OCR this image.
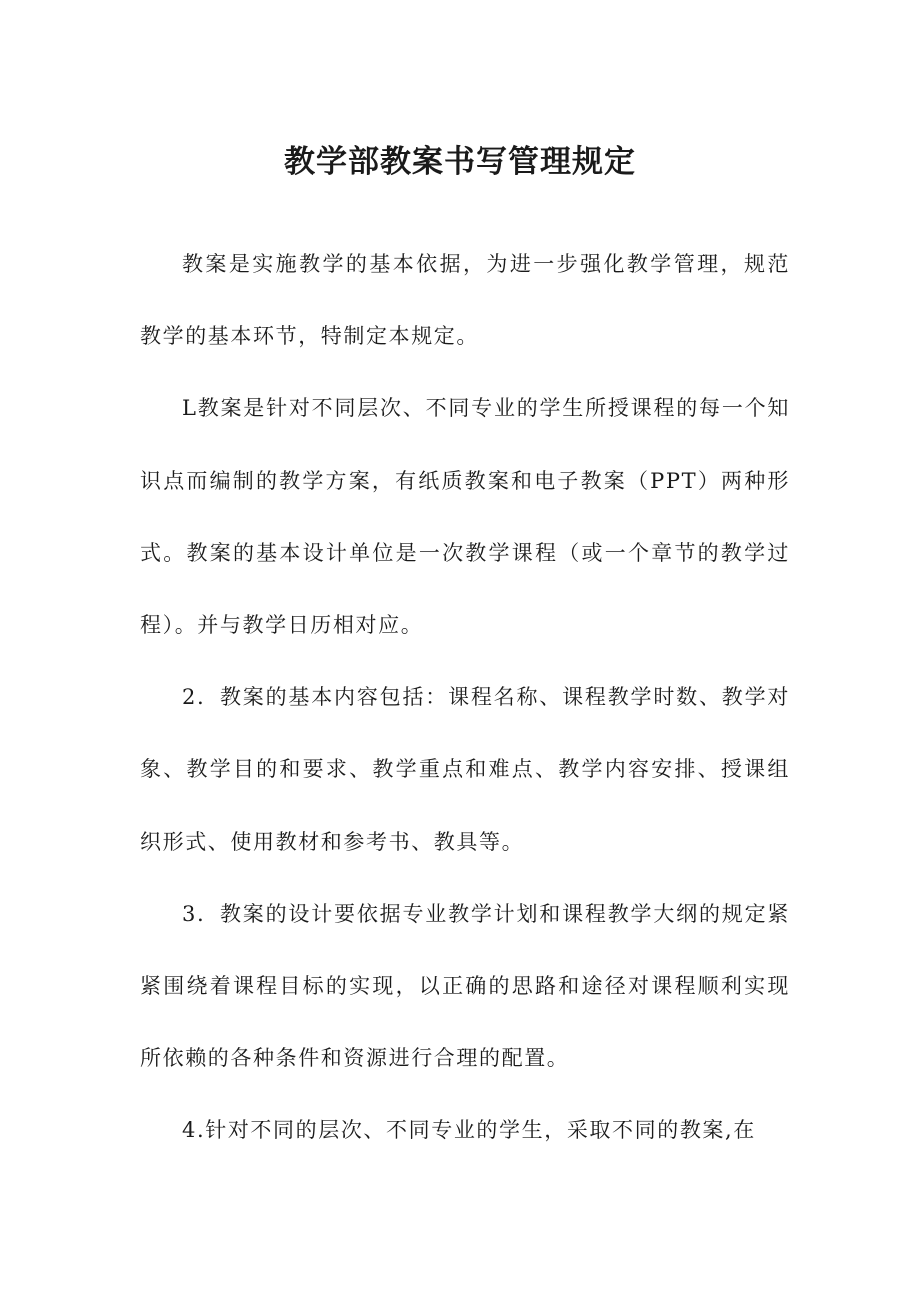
教学部教案书写管理规定

教案是实施教学的基本依据，为进一步强化教学管理，规范教学的基本环节，特制定本规定。

L教案是针对不同层次、不同专业的学生所授课程的每一个知识点而编制的教学方案，有纸质教案和电子教案（PPT）两种形式。教案的基本设计单位是一次教学课程（或一个章节的教学过程）。并与教学日历相对应。

2．教案的基本内容包括：课程名称、课程教学时数、教学对象、教学目的和要求、教学重点和难点、教学内容安排、授课组织形式、使用教材和参考书、教具等。

3．教案的设计要依据专业教学计划和课程教学大纲的规定紧紧围绕着课程目标的实现，以正确的思路和途径对课程顺利实现所依赖的各种条件和资源进行合理的配置。

4.针对不同的层次、不同专业的学生，采取不同的教案,在
